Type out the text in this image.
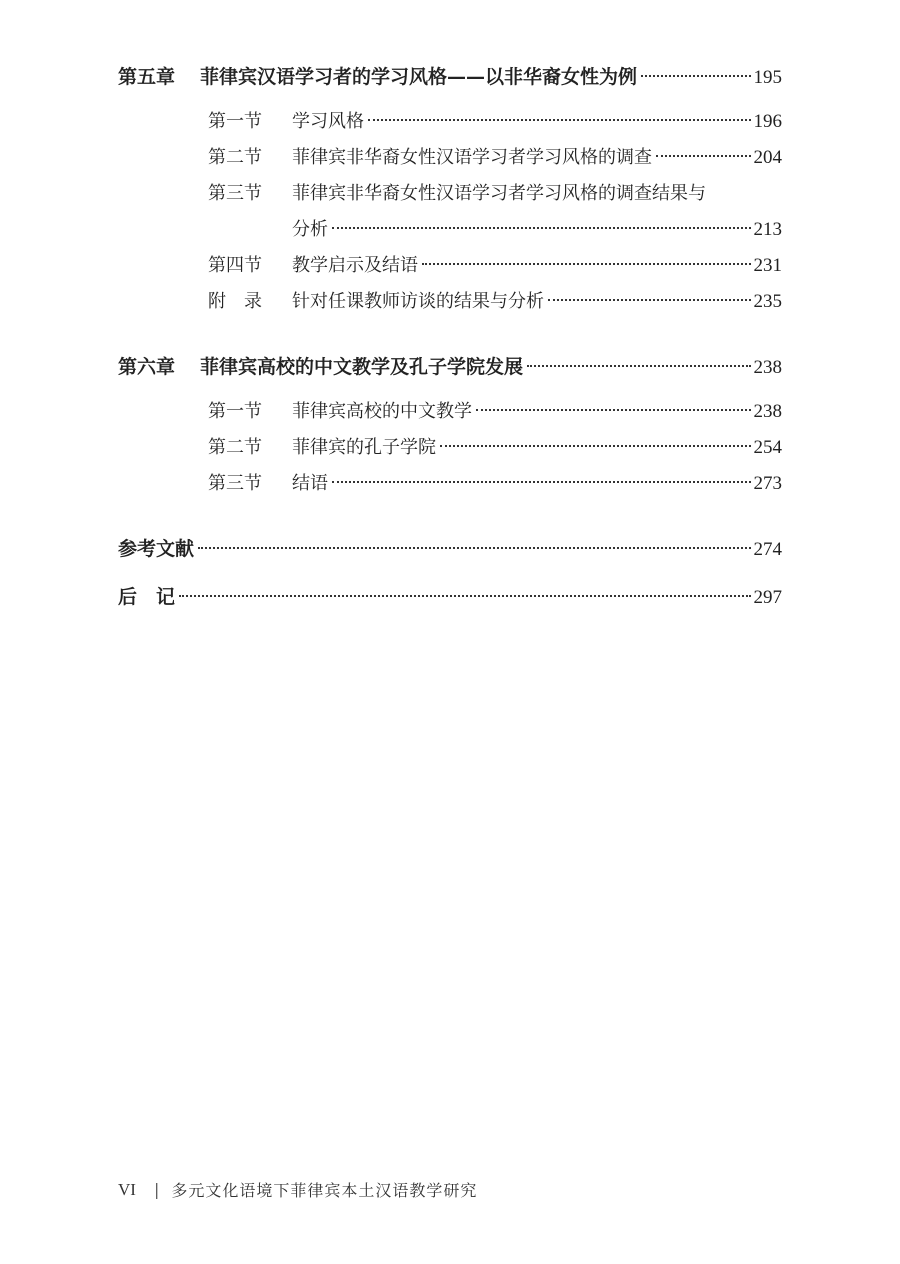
第五章	菲律宾汉语学习者的学习风格——以非华裔女性为例	195
第一节	学习风格	196
第二节	菲律宾非华裔女性汉语学习者学习风格的调查	204
第三节	菲律宾非华裔女性汉语学习者学习风格的调查结果与
分析	213
第四节	教学启示及结语	231
附　录	针对任课教师访谈的结果与分析	235
第六章	菲律宾高校的中文教学及孔子学院发展	238
第一节	菲律宾高校的中文教学	238
第二节	菲律宾的孔子学院	254
第三节	结语	273
参考文献	274
后　记	297
VI | 多元文化语境下菲律宾本土汉语教学研究
